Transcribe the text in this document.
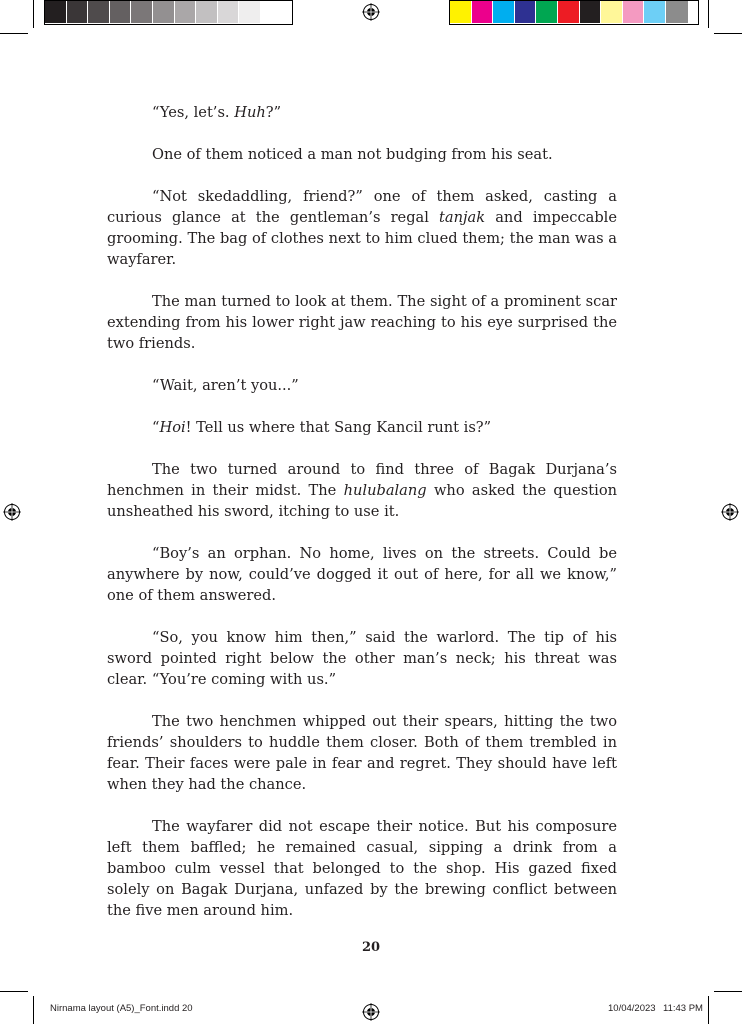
“Yes, let’s. Huh?”

One of them noticed a man not budging from his seat.

“Not skedaddling, friend?” one of them asked, casting a curious glance at the gentleman’s regal tanjak and impeccable grooming. The bag of clothes next to him clued them; the man was a wayfarer.

The man turned to look at them. The sight of a prominent scar extending from his lower right jaw reaching to his eye surprised the two friends.

“Wait, aren’t you...”

“Hoi! Tell us where that Sang Kancil runt is?”

The two turned around to find three of Bagak Durjana’s henchmen in their midst. The hulubalang who asked the question unsheathed his sword, itching to use it.

“Boy’s an orphan. No home, lives on the streets. Could be anywhere by now, could’ve dogged it out of here, for all we know,” one of them answered.

“So, you know him then,” said the warlord. The tip of his sword pointed right below the other man’s neck; his threat was clear. “You’re coming with us.”

The two henchmen whipped out their spears, hitting the two friends’ shoulders to huddle them closer. Both of them trembled in fear. Their faces were pale in fear and regret. They should have left when they had the chance.

The wayfarer did not escape their notice. But his composure left them baffled; he remained casual, sipping a drink from a bamboo culm vessel that belonged to the shop. His gazed fixed solely on Bagak Durjana, unfazed by the brewing conflict between the five men around him.

20
Nirnama layout (A5)_Font.indd 20	10/04/2023 11:43 PM
